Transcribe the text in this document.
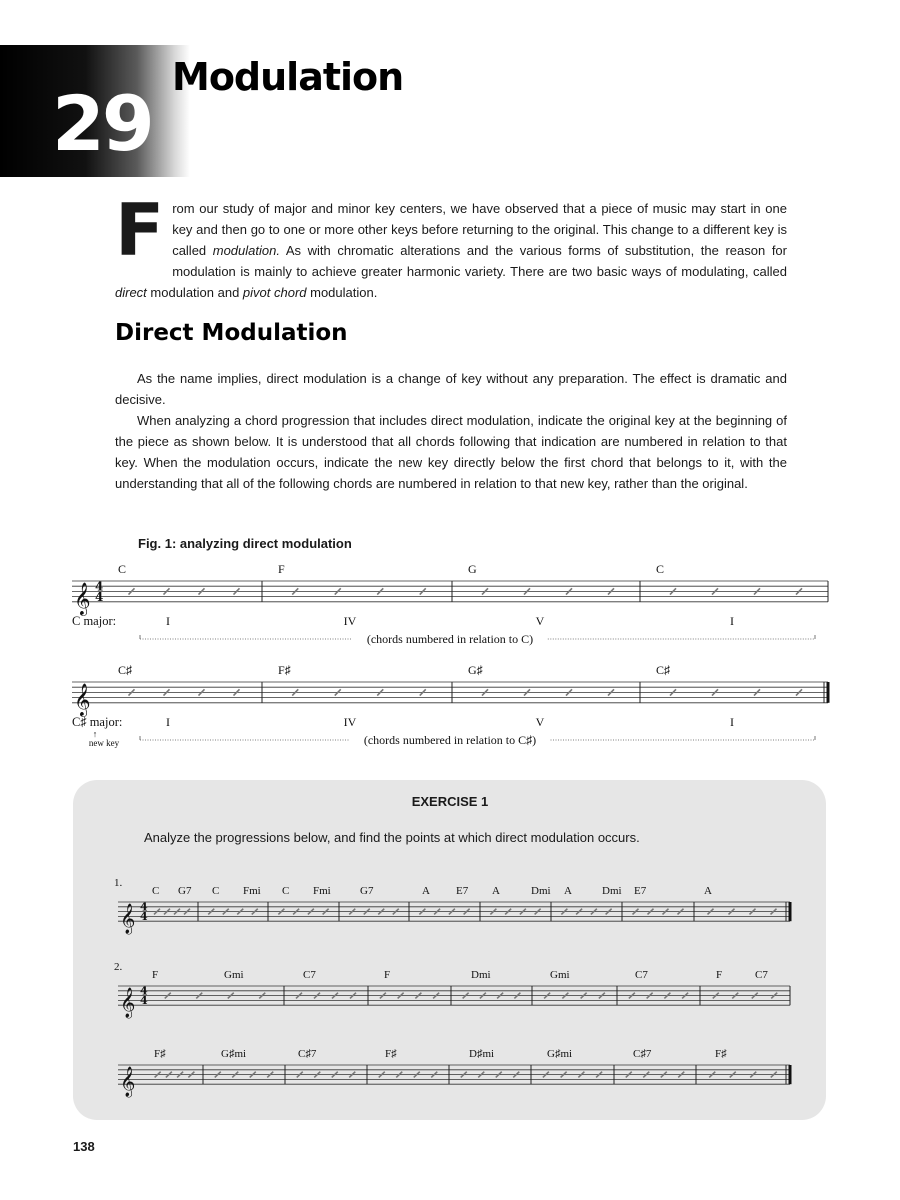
29
Modulation
From our study of major and minor key centers, we have observed that a piece of music may start in one key and then go to one or more other keys before returning to the original. This change to a different key is called modulation. As with chromatic alterations and the various forms of substitution, the reason for modulation is mainly to achieve greater harmonic variety. There are two basic ways of modulating, called direct modulation and pivot chord modulation.
Direct Modulation

As the name implies, direct modulation is a change of key without any preparation. The effect is dramatic and decisive.

When analyzing a chord progression that includes direct modulation, indicate the original key at the beginning of the piece as shown below. It is understood that all chords following that indication are numbered in relation to that key. When the modulation occurs, indicate the new key directly below the first chord that belongs to it, with the understanding that all of the following chords are numbered in relation to that new key, rather than the original.

Fig. 1: analyzing direct modulation
EXERCISE 1
Analyze the progressions below, and find the points at which direct modulation occurs.
138
𝄞 4
4
C	F	G	C
C major:	I	IV	V	I
(chords numbered in relation to C)
𝄞
C♯	F♯	G♯	C♯
C♯ major:	I	IV	V	I
(chords numbered in relation to C♯)
↑
new key
𝄞 4
4
1.
C G7 C Fmi C Fmi	G7	A E7 A	Dmi A	Dmi E7	A
𝄞 4
4
2.
F	Gmi	C7	F	Dmi	Gmi	C7	F	C7
𝄞
F♯	G♯mi	C♯7	F♯	D♯mi	G♯mi	C♯7	F♯
